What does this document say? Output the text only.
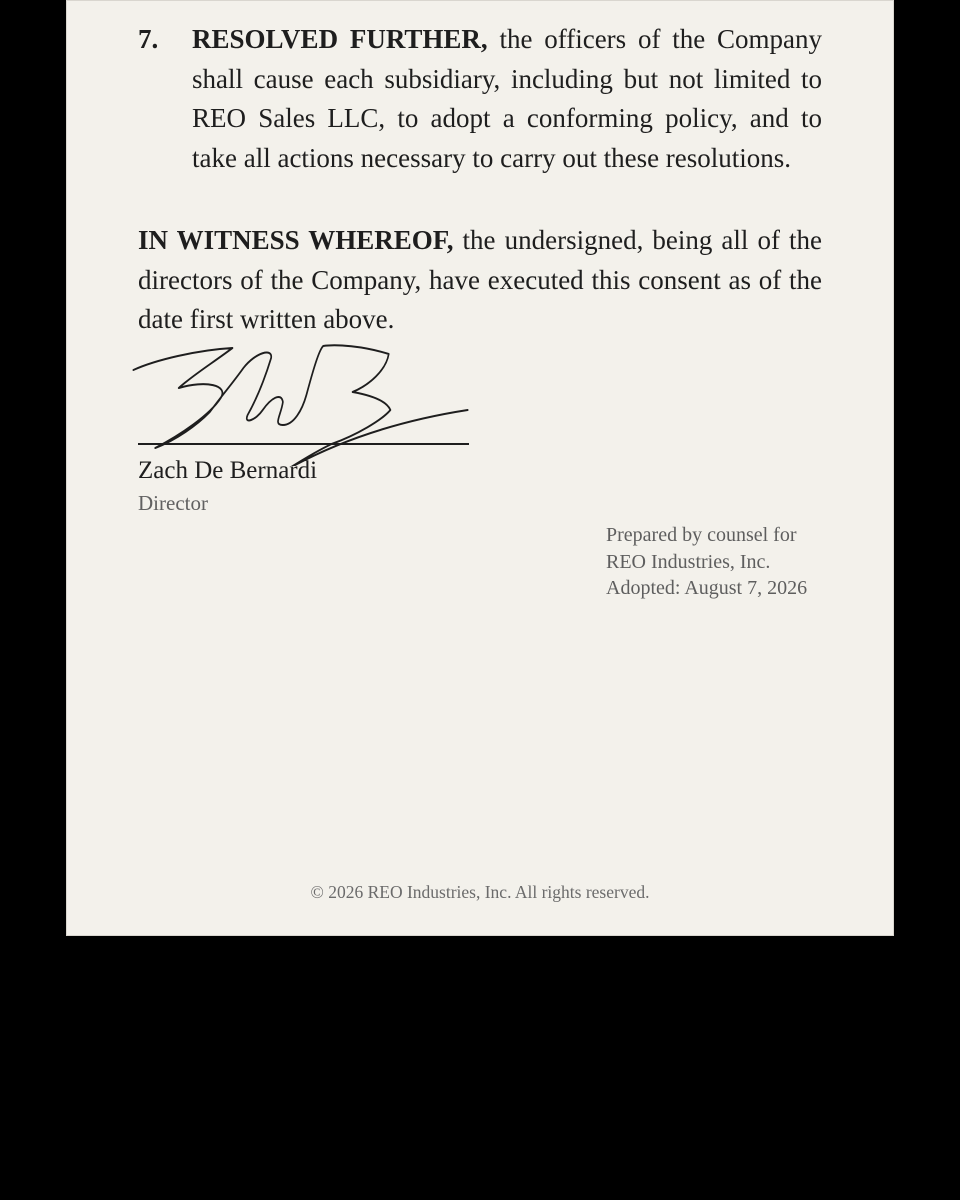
7. RESOLVED FURTHER, the officers of the Company shall cause each subsidiary, including but not limited to REO Sales LLC, to adopt a conforming policy, and to take all actions necessary to carry out these resolutions.
IN WITNESS WHEREOF, the undersigned, being all of the directors of the Company, have executed this consent as of the date first written above.
Zach De Bernardi
Director
Prepared by counsel for
REO Industries, Inc.
Adopted: August 7, 2026
© 2026 REO Industries, Inc. All rights reserved.
